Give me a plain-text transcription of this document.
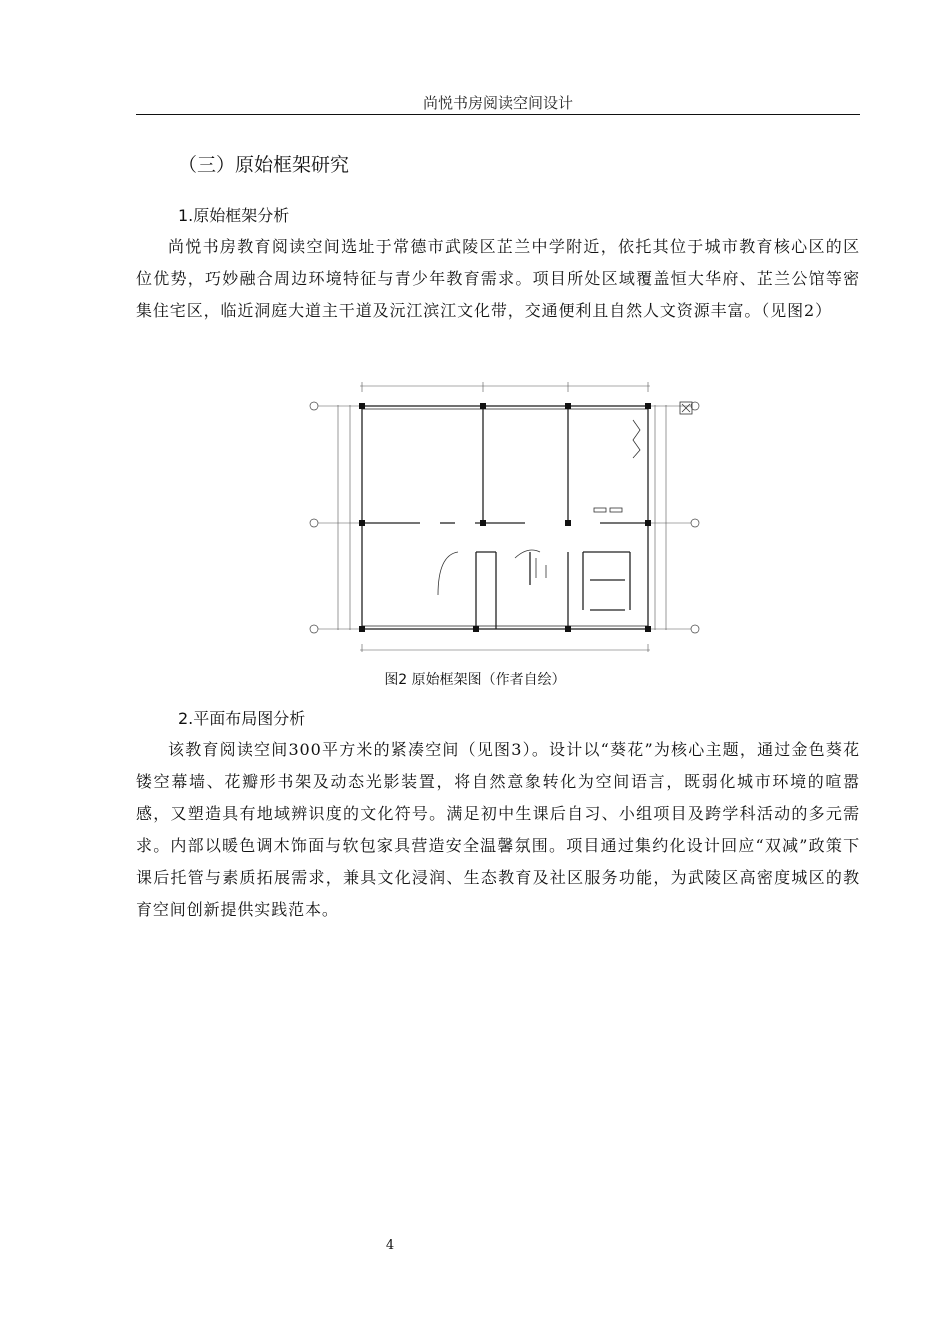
尚悦书房阅读空间设计
（三）原始框架研究
1.原始框架分析
尚悦书房教育阅读空间选址于常德市武陵区芷兰中学附近，依托其位于城市教育核心区的区位优势，巧妙融合周边环境特征与青少年教育需求。项目所处区域覆盖恒大华府、芷兰公馆等密集住宅区，临近洞庭大道主干道及沅江滨江文化带，交通便利且自然人文资源丰富。（见图2）
图2 原始框架图（作者自绘）
2.平面布局图分析
该教育阅读空间300平方米的紧凑空间（见图3）。设计以“葵花”为核心主题，通过金色葵花镂空幕墙、花瓣形书架及动态光影装置，将自然意象转化为空间语言，既弱化城市环境的喧嚣感，又塑造具有地域辨识度的文化符号。满足初中生课后自习、小组项目及跨学科活动的多元需求。内部以暖色调木饰面与软包家具营造安全温馨氛围。项目通过集约化设计回应“双减”政策下课后托管与素质拓展需求，兼具文化浸润、生态教育及社区服务功能，为武陵区高密度城区的教育空间创新提供实践范本。
4
